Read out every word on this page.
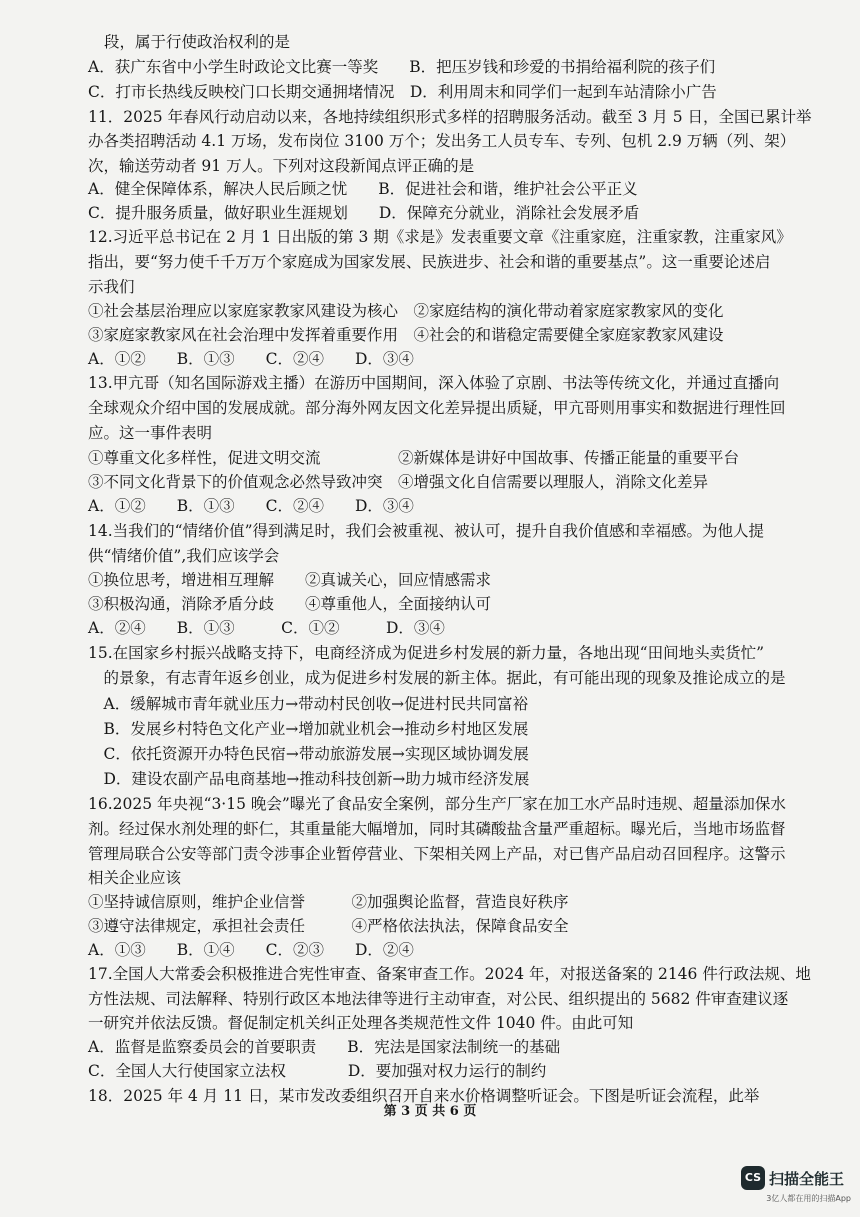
段，属于行使政治权利的是
A．获广东省中小学生时政论文比赛一等奖　　B．把压岁钱和珍爱的书捐给福利院的孩子们
C．打市长热线反映校门口长期交通拥堵情况　D．利用周末和同学们一起到车站清除小广告
11．2025 年春风行动启动以来，各地持续组织形式多样的招聘服务活动。截至 3 月 5 日，全国已累计举
办各类招聘活动 4.1 万场，发布岗位 3100 万个；发出务工人员专车、专列、包机 2.9 万辆（列、架）
次，输送劳动者 91 万人。下列对这段新闻点评正确的是
A．健全保障体系，解决人民后顾之忧　　B．促进社会和谐，维护社会公平正义
C．提升服务质量，做好职业生涯规划　　D．保障充分就业，消除社会发展矛盾
12.习近平总书记在 2 月 1 日出版的第 3 期《求是》发表重要文章《注重家庭，注重家教，注重家风》
指出，要“努力使千千万万个家庭成为国家发展、民族进步、社会和谐的重要基点”。这一重要论述启
示我们
①社会基层治理应以家庭家教家风建设为核心　②家庭结构的演化带动着家庭家教家风的变化
③家庭家教家风在社会治理中发挥着重要作用　④社会的和谐稳定需要健全家庭家教家风建设
A．①②　　B．①③　　C．②④　　D．③④
13.甲亢哥（知名国际游戏主播）在游历中国期间，深入体验了京剧、书法等传统文化，并通过直播向
全球观众介绍中国的发展成就。部分海外网友因文化差异提出质疑，甲亢哥则用事实和数据进行理性回
应。这一事件表明
①尊重文化多样性，促进文明交流　　　　　②新媒体是讲好中国故事、传播正能量的重要平台
③不同文化背景下的价值观念必然导致冲突　④增强文化自信需要以理服人，消除文化差异
A．①②　　B．①③　　C．②④　　D．③④
14.当我们的“情绪价值”得到满足时，我们会被重视、被认可，提升自我价值感和幸福感。为他人提
供“情绪价值”,我们应该学会
①换位思考，增进相互理解　　②真诚关心，回应情感需求
③积极沟通，消除矛盾分歧　　④尊重他人，全面接纳认可
A．②④　　B．①③　　　C．①②　　　D．③④
15.在国家乡村振兴战略支持下，电商经济成为促进乡村发展的新力量，各地出现“田间地头卖货忙”
　的景象，有志青年返乡创业，成为促进乡村发展的新主体。据此，有可能出现的现象及推论成立的是
　A．缓解城市青年就业压力→带动村民创收→促进村民共同富裕
　B．发展乡村特色文化产业→增加就业机会→推动乡村地区发展
　C．依托资源开办特色民宿→带动旅游发展→实现区域协调发展
　D．建设农副产品电商基地→推动科技创新→助力城市经济发展
16.2025 年央视“3·15 晚会”曝光了食品安全案例，部分生产厂家在加工水产品时违规、超量添加保水
剂。经过保水剂处理的虾仁，其重量能大幅增加，同时其磷酸盐含量严重超标。曝光后，当地市场监督
管理局联合公安等部门责令涉事企业暂停营业、下架相关网上产品，对已售产品启动召回程序。这警示
相关企业应该
①坚持诚信原则，维护企业信誉　　　②加强舆论监督，营造良好秩序
③遵守法律规定，承担社会责任　　　④严格依法执法，保障食品安全
A．①③　　B．①④　　C．②③　　D．②④
17.全国人大常委会积极推进合宪性审查、备案审查工作。2024 年，对报送备案的 2146 件行政法规、地
方性法规、司法解释、特别行政区本地法律等进行主动审查，对公民、组织提出的 5682 件审查建议逐
一研究并依法反馈。督促制定机关纠正处理各类规范性文件 1040 件。由此可知
A．监督是监察委员会的首要职责　　B．宪法是国家法制统一的基础
C．全国人大行使国家立法权　　　　D．要加强对权力运行的制约
18．2025 年 4 月 11 日，某市发改委组织召开自来水价格调整听证会。下图是听证会流程，此举
第 3 页 共 6 页
CS 扫描全能王
3亿人都在用的扫描App
